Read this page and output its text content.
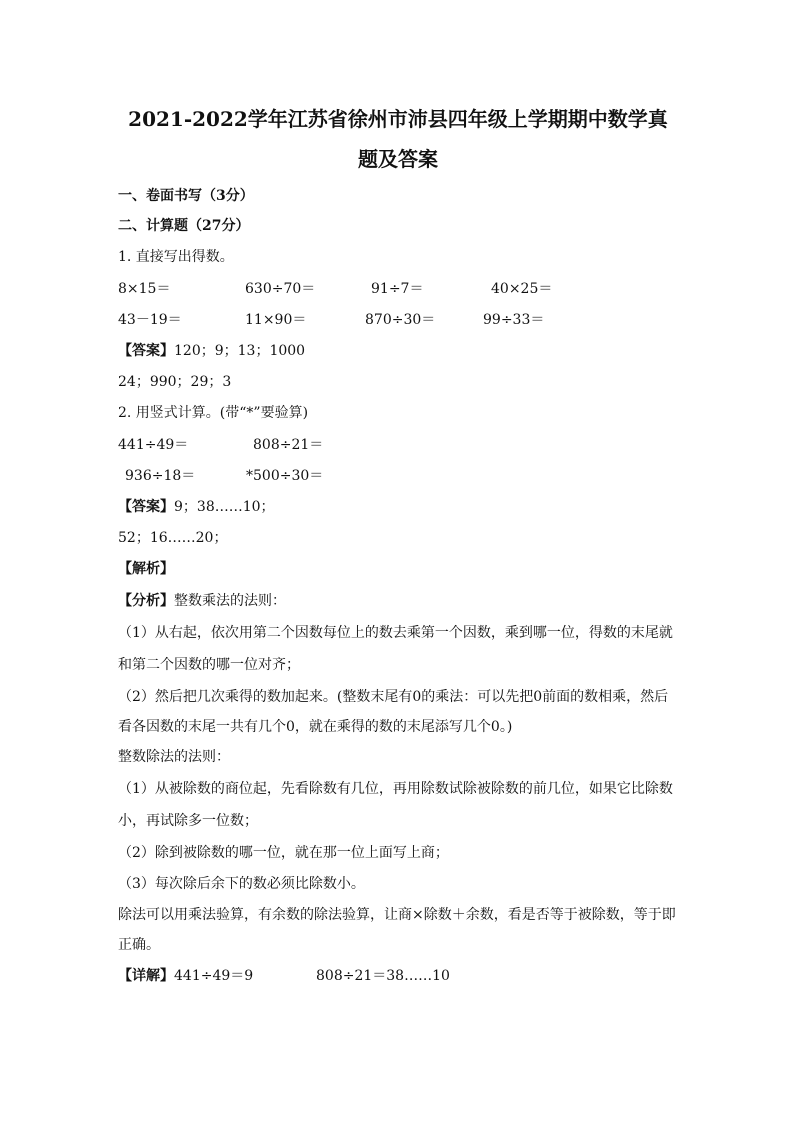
2021-2022学年江苏省徐州市沛县四年级上学期期中数学真
题及答案
一、卷面书写（3分）
二、计算题（27分）
1. 直接写出得数。
8×15＝	630÷70＝	91÷7＝	40×25＝
43－19＝	11×90＝	870÷30＝	99÷33＝
【答案】120；9；13；1000
24；990；29；3
2. 用竖式计算。(带“*”要验算)
441÷49＝	808÷21＝
936÷18＝	*500÷30＝
【答案】9；38……10；
52；16……20；
【解析】
【分析】整数乘法的法则：
（1）从右起，依次用第二个因数每位上的数去乘第一个因数，乘到哪一位，得数的末尾就
和第二个因数的哪一位对齐；
（2）然后把几次乘得的数加起来。(整数末尾有0的乘法：可以先把0前面的数相乘，然后
看各因数的末尾一共有几个0，就在乘得的数的末尾添写几个0。)
整数除法的法则：
（1）从被除数的商位起，先看除数有几位，再用除数试除被除数的前几位，如果它比除数
小，再试除多一位数；
（2）除到被除数的哪一位，就在那一位上面写上商；
（3）每次除后余下的数必须比除数小。
除法可以用乘法验算，有余数的除法验算，让商×除数＋余数，看是否等于被除数，等于即
正确。
【详解】441÷49＝9	808÷21＝38……10
